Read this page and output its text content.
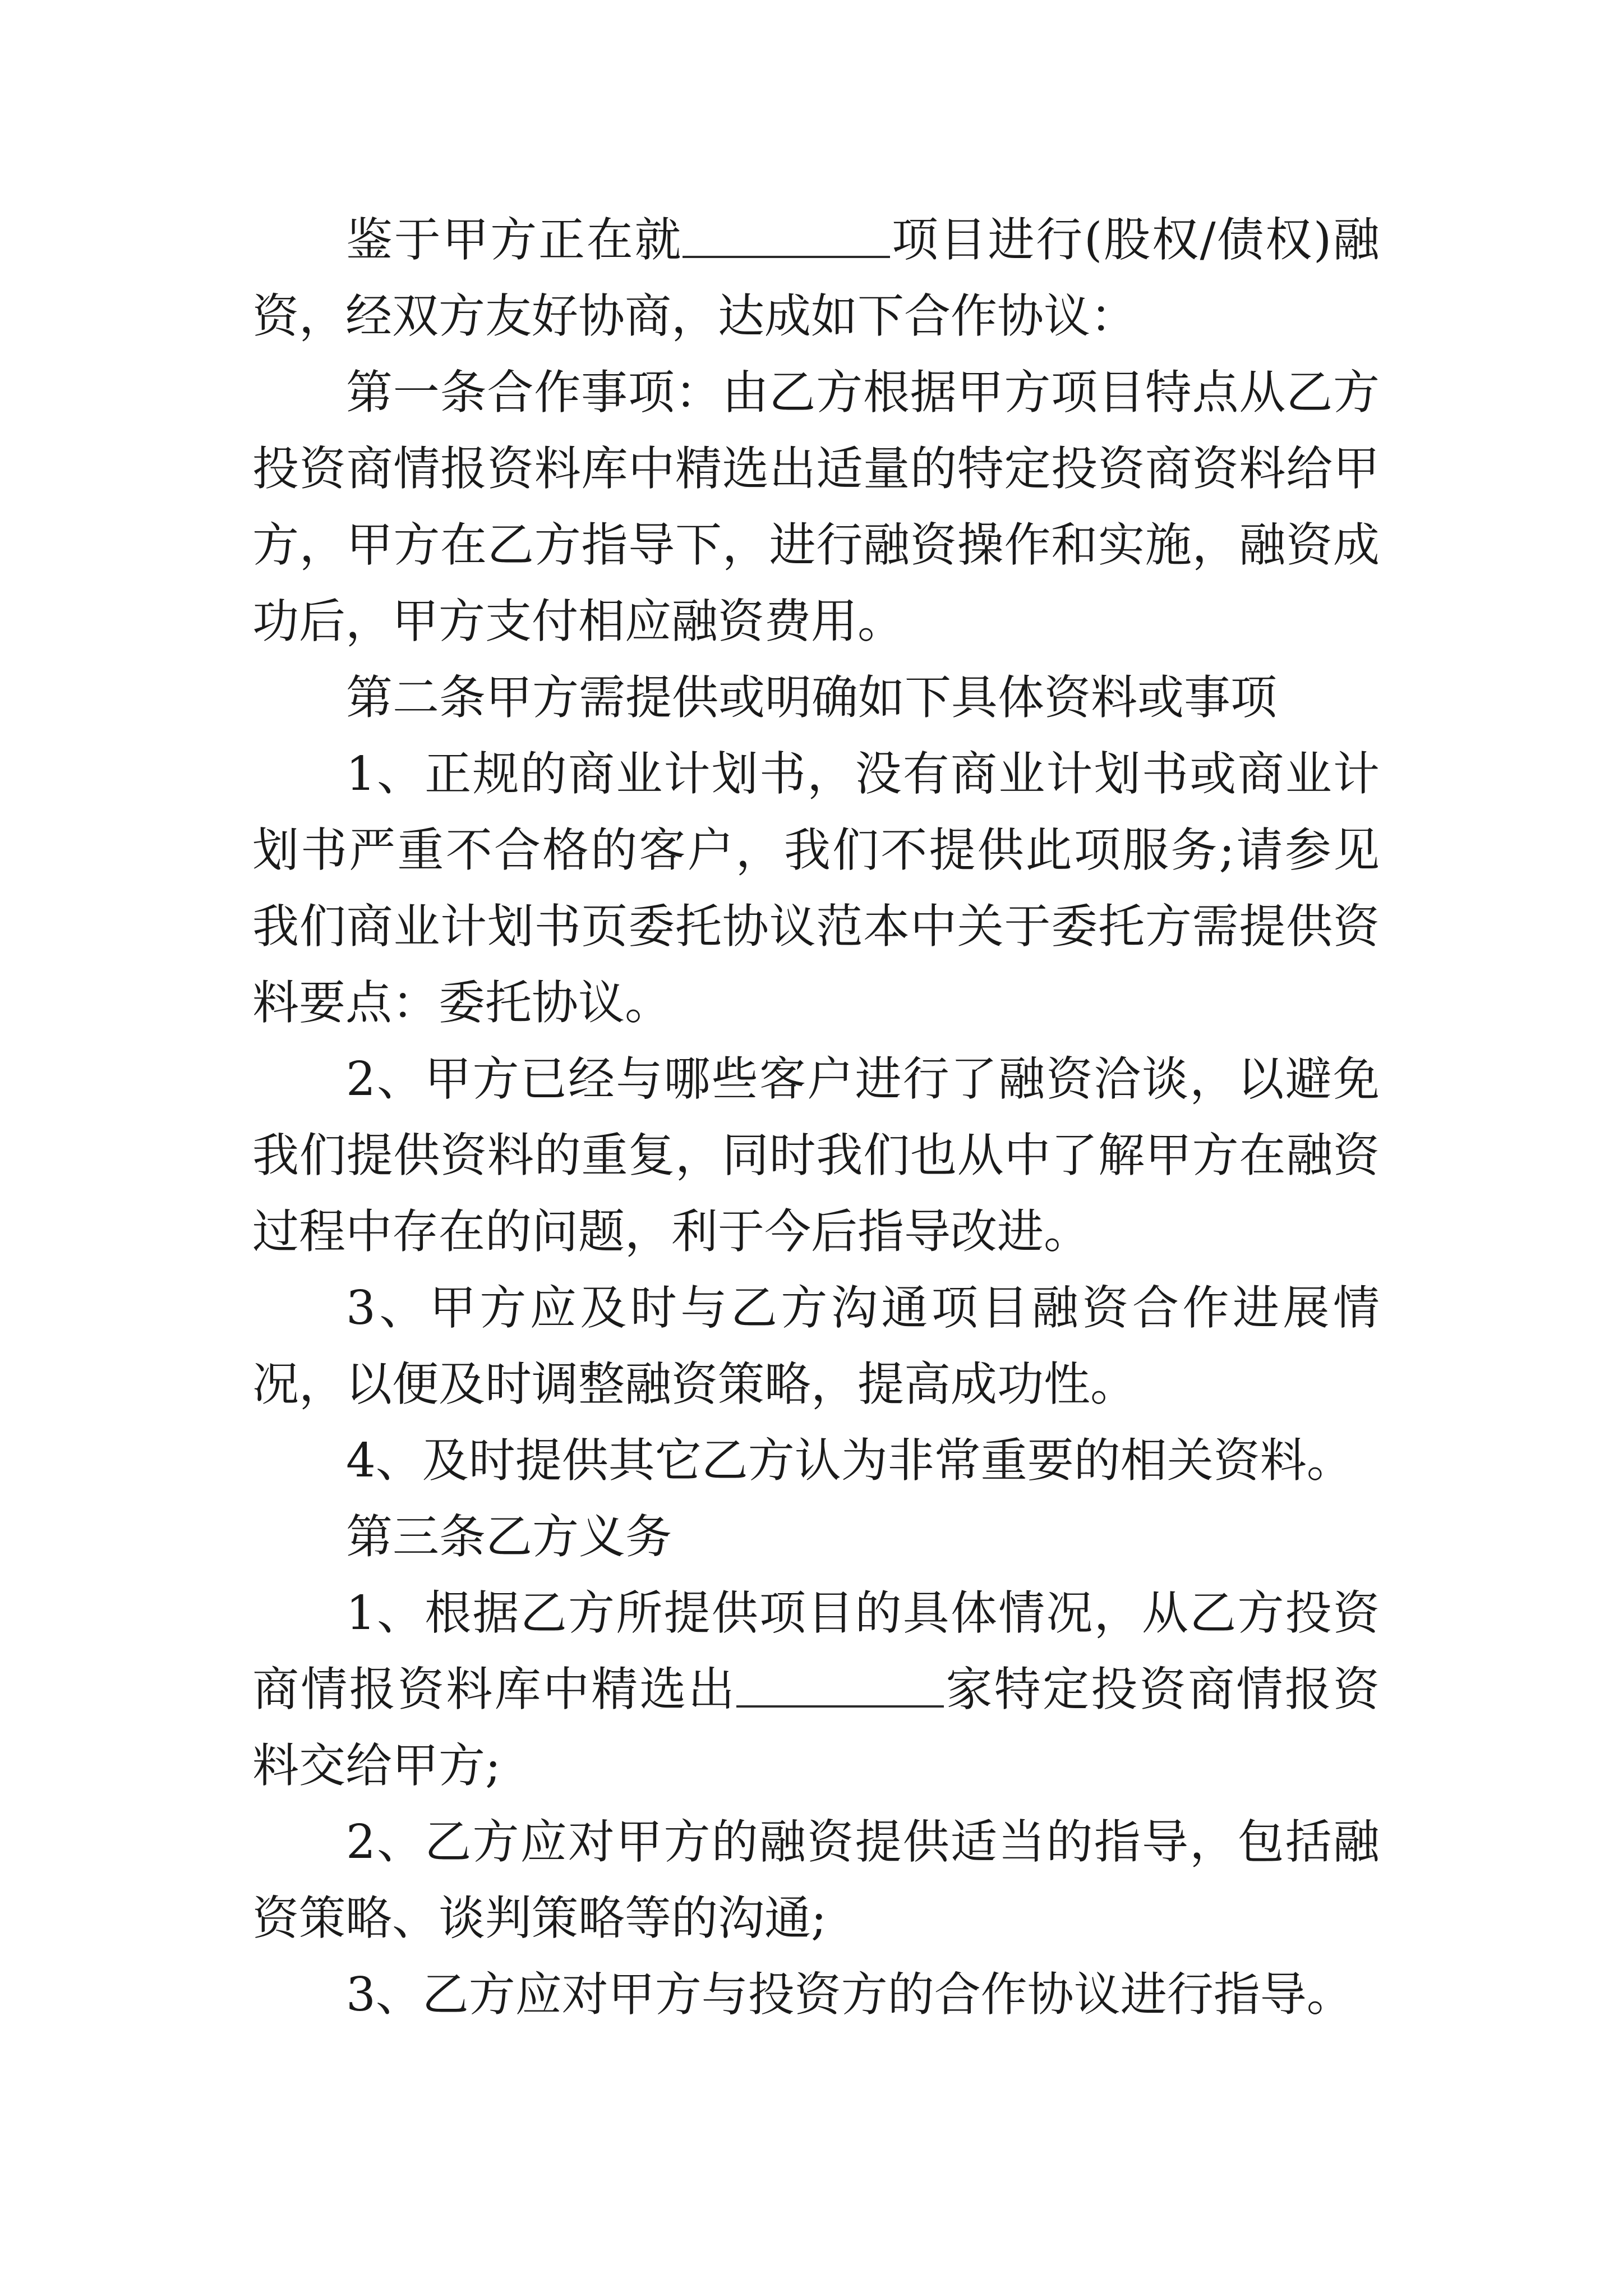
鉴于甲方正在就	项目进行(股权/债权)融资，经双方友好协商，达成如下合作协议：

第一条合作事项：由乙方根据甲方项目特点从乙方投资商情报资料库中精选出适量的特定投资商资料给甲方，甲方在乙方指导下，进行融资操作和实施，融资成功后，甲方支付相应融资费用。

第二条甲方需提供或明确如下具体资料或事项

1、正规的商业计划书，没有商业计划书或商业计划书严重不合格的客户，我们不提供此项服务;请参见我们商业计划书页委托协议范本中关于委托方需提供资料要点：委托协议。

2、甲方已经与哪些客户进行了融资洽谈，以避免我们提供资料的重复，同时我们也从中了解甲方在融资过程中存在的问题，利于今后指导改进。

3、甲方应及时与乙方沟通项目融资合作进展情况，以便及时调整融资策略，提高成功性。

4、及时提供其它乙方认为非常重要的相关资料。

第三条乙方义务

1、根据乙方所提供项目的具体情况，从乙方投资商情报资料库中精选出	家特定投资商情报资料交给甲方;

2、乙方应对甲方的融资提供适当的指导，包括融资策略、谈判策略等的沟通;

3、乙方应对甲方与投资方的合作协议进行指导。
